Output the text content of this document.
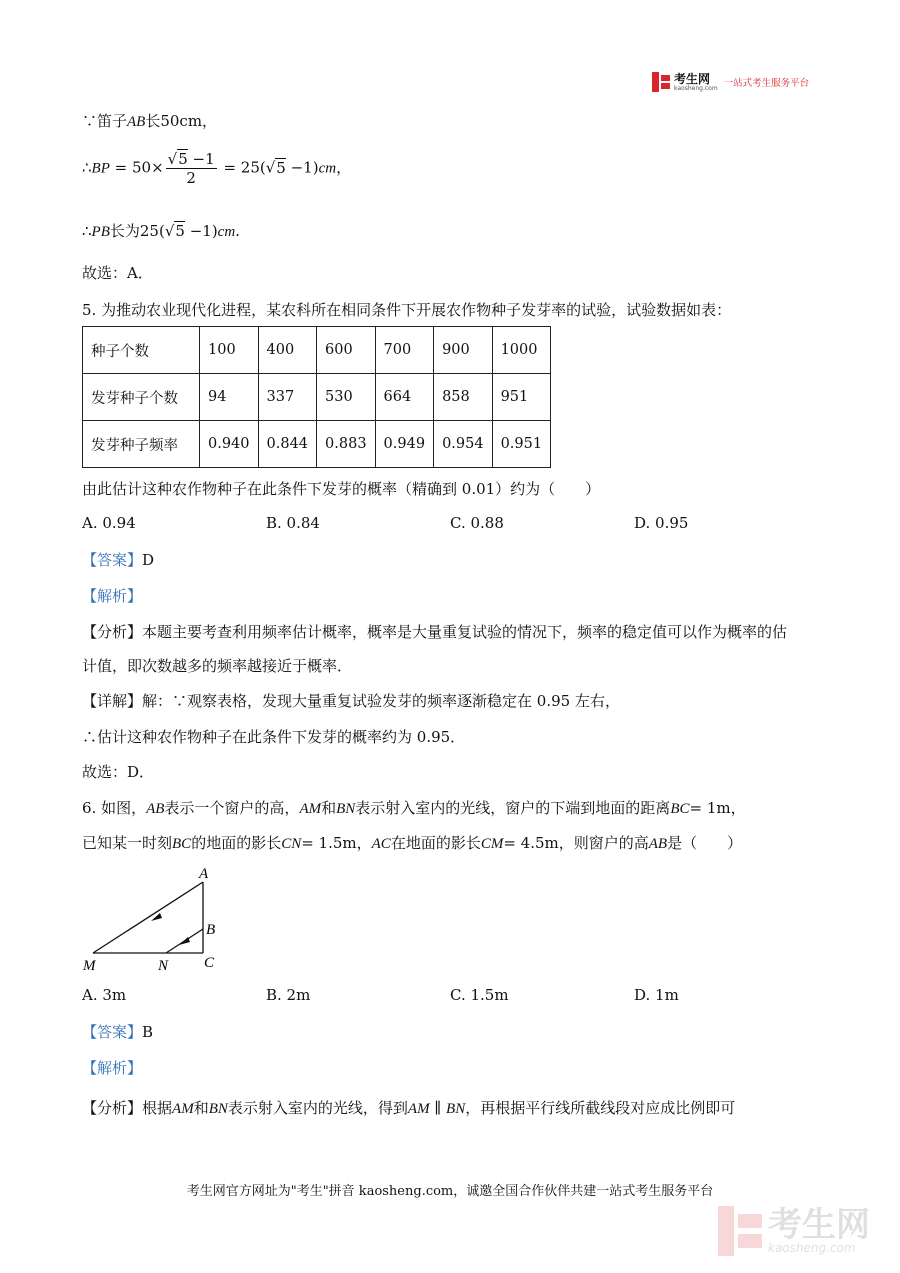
考生网
kaosheng.com 一站式考生服务平台
∵笛子AB长50cm，
∴BP = $50\times \frac{√5 -1}{2} = 25(√5 -1)cm$，
∴PB长为25(√5 −1)cm.
故选：A．
5. 为推动农业现代化进程，某农科所在相同条件下开展农作物种子发芽率的试验，试验数据如表：
种子个数	100	400	600	700	900	1000
发芽种子个数	94	337	530	664	858	951
发芽种子频率	0.940	0.844	0.883	0.949	0.954	0.951
由此估计这种农作物种子在此条件下发芽的概率（精确到 0.01）约为（　　）
A. 0.94	B. 0.84	C. 0.88	D. 0.95
【答案】D
【解析】
【分析】本题主要考查利用频率估计概率，概率是大量重复试验的情况下，频率的稳定值可以作为概率的估
计值，即次数越多的频率越接近于概率．
【详解】解：∵观察表格，发现大量重复试验发芽的频率逐渐稳定在 0.95 左右，
∴估计这种农作物种子在此条件下发芽的概率约为 0.95．
故选：D．
6. 如图，AB表示一个窗户的高，AM和BN表示射入室内的光线，窗户的下端到地面的距离BC= 1m，
已知某一时刻BC的地面的影长CN= 1.5m，AC在地面的影长CM= 4.5m，则窗户的高AB是（　　）
A
B
C
M	N
A. 3m	B. 2m	C. 1.5m	D. 1m
【答案】B
【解析】
【分析】根据AM和BN表示射入室内的光线，得到AM ∥ BN，再根据平行线所截线段对应成比例即可
考生网官方网址为"考生"拼音 kaosheng.com，诚邀全国合作伙伴共建一站式考生服务平台
考生网
kaosheng.com
